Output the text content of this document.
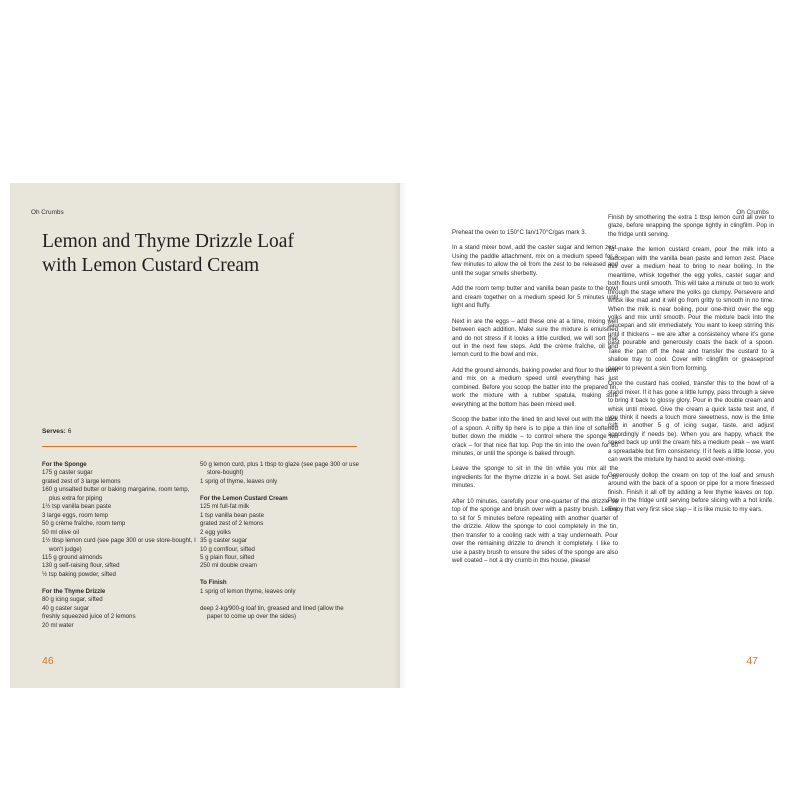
Oh Crumbs
Lemon and Thyme Drizzle Loaf
with Lemon Custard Cream
Serves: 6
For the Sponge
175 g caster sugar
grated zest of 3 large lemons
160 g unsalted butter or baking margarine, room temp, plus extra for piping
1½ tsp vanilla bean paste
3 large eggs, room temp
50 g crème fraîche, room temp
50 ml olive oil
1½ tbsp lemon curd (see page 300 or use store-bought, I won't judge)
115 g ground almonds
130 g self-raising flour, sifted
½ tsp baking powder, sifted
For the Thyme Drizzle
80 g icing sugar, sifted
40 g caster sugar
freshly squeezed juice of 2 lemons
20 ml water
50 g lemon curd, plus 1 tbsp to glaze (see page 300 or use store-bought)
1 sprig of thyme, leaves only
For the Lemon Custard Cream
125 ml full-fat milk
1 tsp vanilla bean paste
grated zest of 2 lemons
2 egg yolks
35 g caster sugar
10 g cornflour, sifted
5 g plain flour, sifted
250 ml double cream
To Finish
1 sprig of lemon thyme, leaves only
deep 2-kg/900-g loaf tin, greased and lined (allow the paper to come up over the sides)
46
Oh Crumbs

Preheat the oven to 150°C fan/170°C/gas mark 3.

In a stand mixer bowl, add the caster sugar and lemon zest. Using the paddle attachment, mix on a medium speed for a few minutes to allow the oil from the zest to be released and until the sugar smells sherbetty.

Add the room temp butter and vanilla bean paste to the bowl and cream together on a medium speed for 5 minutes until light and fluffy.

Next in are the eggs – add these one at a time, mixing well between each addition. Make sure the mixture is emulsified and do not stress if it looks a little curdled, we will sort that out in the next few steps. Add the crème fraîche, oil and lemon curd to the bowl and mix.

Add the ground almonds, baking powder and flour to the bowl and mix on a medium speed until everything has just combined. Before you scoop the batter into the prepared tin, work the mixture with a rubber spatula, making sure everything at the bottom has been mixed well.

Scoop the batter into the lined tin and level out with the back of a spoon. A nifty tip here is to pipe a thin line of softened butter down the middle – to control where the sponge will crack – for that nice flat top. Pop the tin into the oven for 60 minutes, or until the sponge is baked through.

Leave the sponge to sit in the tin while you mix all the ingredients for the thyme drizzle in a bowl. Set aside for 10 minutes.

After 10 minutes, carefully pour one-quarter of the drizzle on top of the sponge and brush over with a pastry brush. Leave to sit for 5 minutes before repeating with another quarter of the drizzle. Allow the sponge to cool completely in the tin, then transfer to a cooling rack with a tray underneath. Pour over the remaining drizzle to drench it completely. I like to use a pastry brush to ensure the sides of the sponge are also well coated – not a dry crumb in this house, please!

Finish by smothering the extra 1 tbsp lemon curd all over to glaze, before wrapping the sponge tightly in clingfilm. Pop in the fridge until serving.

To make the lemon custard cream, pour the milk into a saucepan with the vanilla bean paste and lemon zest. Place this over a medium heat to bring to near boiling. In the meantime, whisk together the egg yolks, caster sugar and both flours until smooth. This will take a minute or two to work through the stage where the yolks go clumpy. Persevere and whisk like mad and it will go from gritty to smooth in no time. When the milk is near boiling, pour one-third over the egg yolks and mix until smooth. Pour the mixture back into the saucepan and stir immediately. You want to keep stirring this until it thickens – we are after a consistency where it's gone past pourable and generously coats the back of a spoon. Take the pan off the heat and transfer the custard to a shallow tray to cool. Cover with clingfilm or greaseproof paper to prevent a skin from forming.

Once the custard has cooled, transfer this to the bowl of a stand mixer. If it has gone a little lumpy, pass through a sieve to bring it back to glossy glory. Pour in the double cream and whisk until mixed. Give the cream a quick taste test and, if you think it needs a touch more sweetness, now is the time (sift in another 5 g of icing sugar, taste, and adjust accordingly if needs be). When you are happy, whack the speed back up until the cream hits a medium peak – we want a spreadable but firm consistency. If it feels a little loose, you can work the mixture by hand to avoid over-mixing.

Generously dollop the cream on top of the loaf and smush around with the back of a spoon or pipe for a more finessed finish. Finish it all off by adding a few thyme leaves on top. Pop in the fridge until serving before slicing with a hot knife. Enjoy that very first slice slap – it is like music to my ears.

47
